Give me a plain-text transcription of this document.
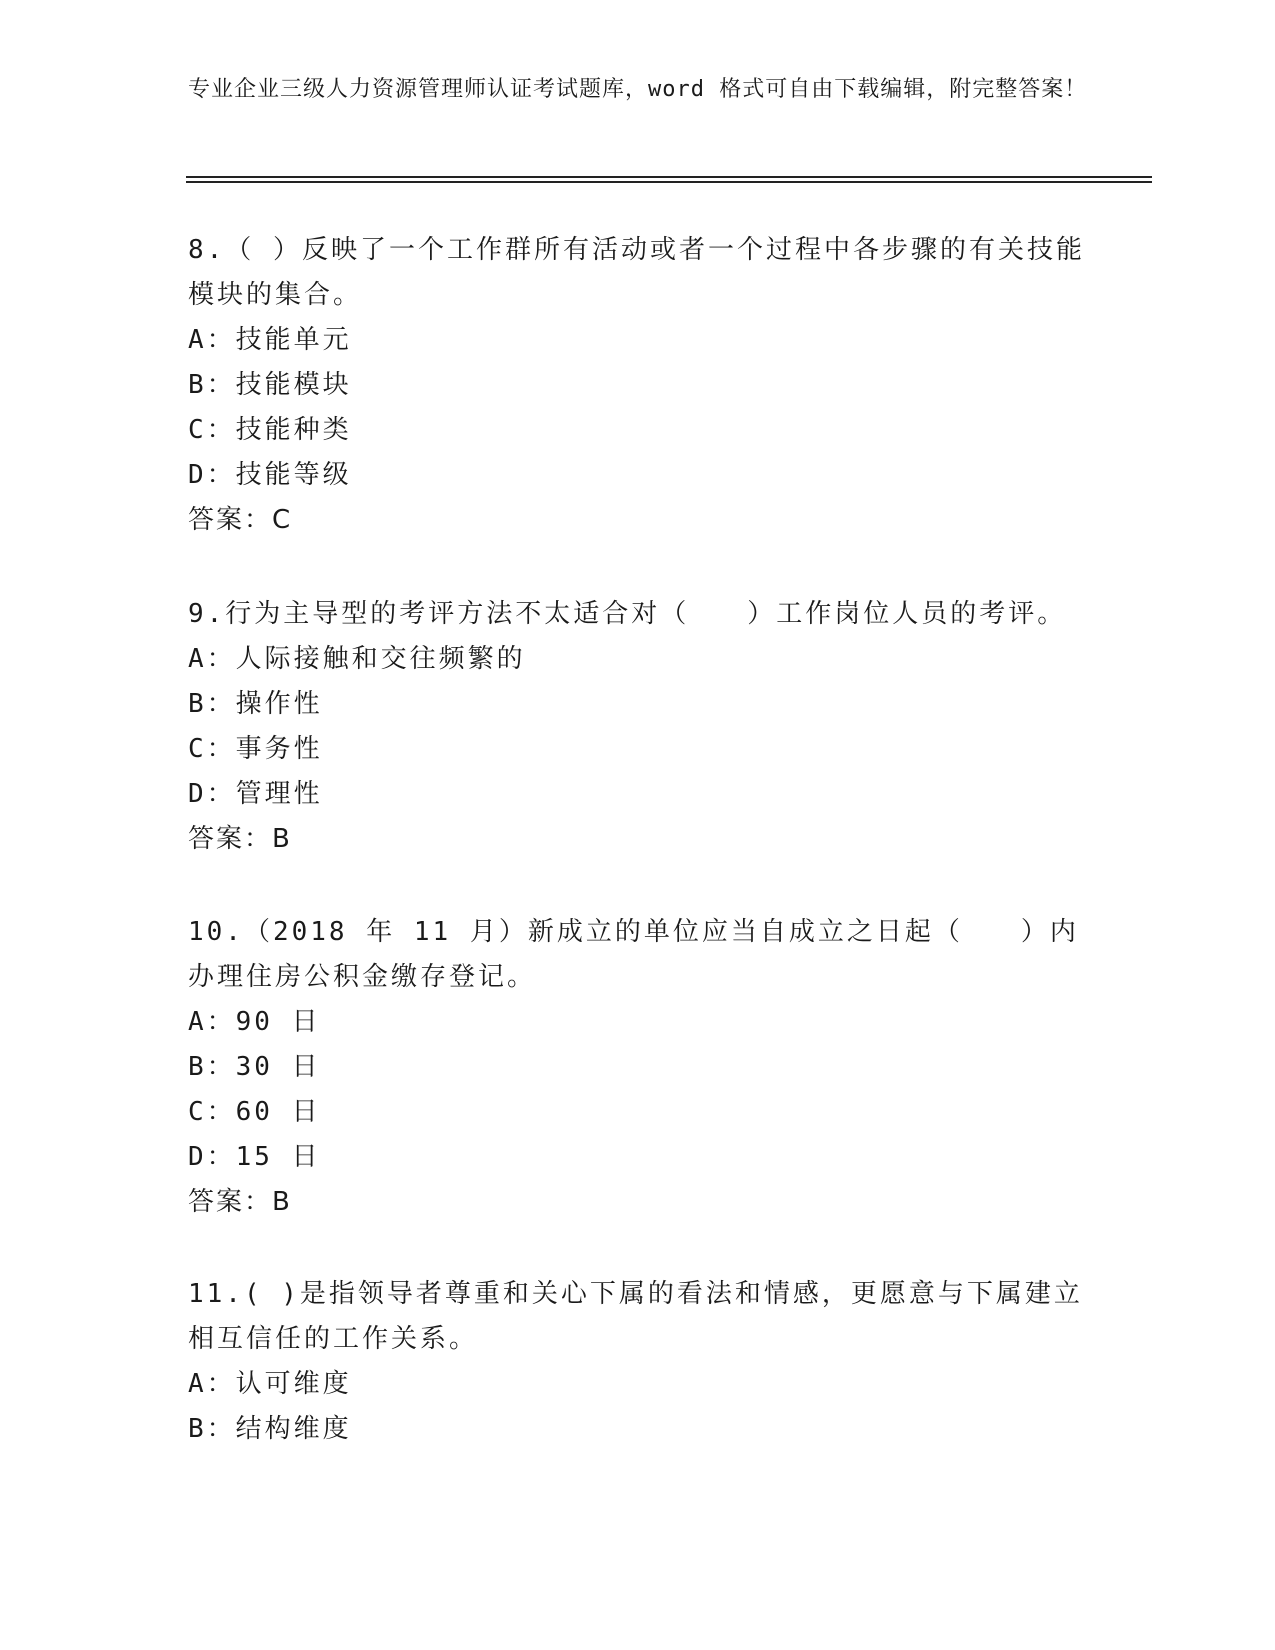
专业企业三级人力资源管理师认证考试题库，word 格式可自由下载编辑，附完整答案！

8.（ ）反映了一个工作群所有活动或者一个过程中各步骤的有关技能模块的集合。

A：技能单元

B：技能模块

C：技能种类

D：技能等级

答案：C

9.行为主导型的考评方法不太适合对（　　）工作岗位人员的考评。

A：人际接触和交往频繁的

B：操作性

C：事务性

D：管理性

答案：B

10.（2018 年 11 月）新成立的单位应当自成立之日起（　　）内办理住房公积金缴存登记。

A：90 日

B：30 日

C：60 日

D：15 日

答案：B

11.( )是指领导者尊重和关心下属的看法和情感，更愿意与下属建立相互信任的工作关系。

A：认可维度

B：结构维度
